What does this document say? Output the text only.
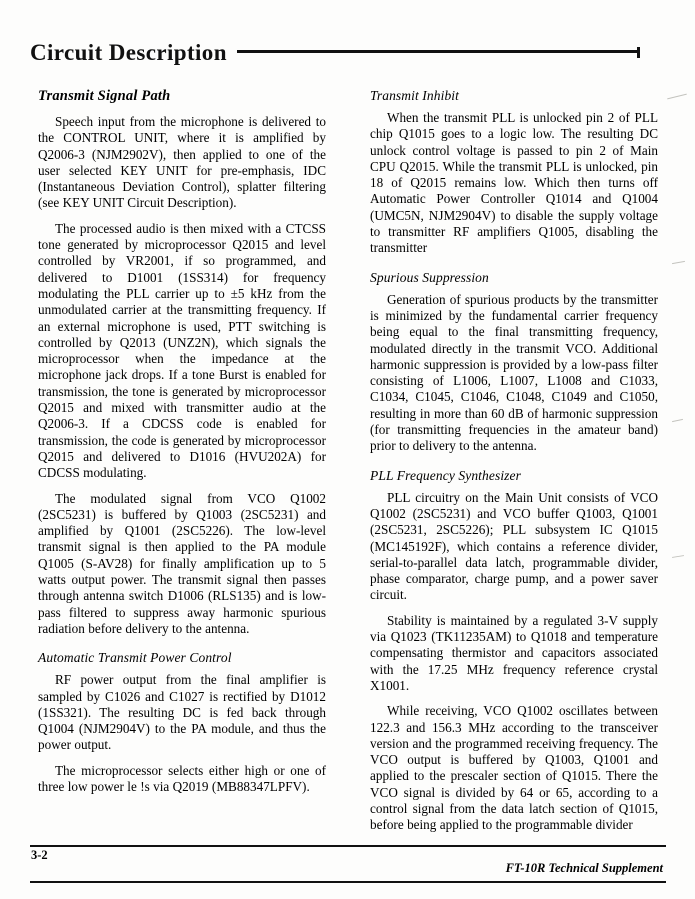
Circuit Description
Transmit Signal Path

Speech input from the microphone is delivered to the CONTROL UNIT, where it is amplified by Q2006-3 (NJM2902V), then applied to one of the user selected KEY UNIT for pre-emphasis, IDC (Instantaneous Deviation Control), splatter filtering (see KEY UNIT Circuit Description).

The processed audio is then mixed with a CTCSS tone generated by microprocessor Q2015 and level controlled by VR2001, if so programmed, and delivered to D1001 (1SS314) for frequency modulating the PLL carrier up to ±5 kHz from the unmodulated carrier at the transmitting frequency. If an external microphone is used, PTT switching is controlled by Q2013 (UNZ2N), which signals the microprocessor when the impedance at the microphone jack drops. If a tone Burst is enabled for transmission, the tone is generated by microprocessor Q2015 and mixed with transmitter audio at the Q2006-3. If a CDCSS code is enabled for transmission, the code is generated by microprocessor Q2015 and delivered to D1016 (HVU202A) for CDCSS modulating.

The modulated signal from VCO Q1002 (2SC5231) is buffered by Q1003 (2SC5231) and amplified by Q1001 (2SC5226). The low-level transmit signal is then applied to the PA module Q1005 (S-AV28) for finally amplification up to 5 watts output power. The transmit signal then passes through antenna switch D1006 (RLS135) and is low-pass filtered to suppress away harmonic spurious radiation before delivery to the antenna.

Automatic Transmit Power Control

RF power output from the final amplifier is sampled by C1026 and C1027 is rectified by D1012 (1SS321). The resulting DC is fed back through Q1004 (NJM2904V) to the PA module, and thus the power output.

The microprocessor selects either high or one of three low power le !s via Q2019 (MB88347LPFV).

Transmit Inhibit

When the transmit PLL is unlocked pin 2 of PLL chip Q1015 goes to a logic low. The resulting DC unlock control voltage is passed to pin 2 of Main CPU Q2015. While the transmit PLL is unlocked, pin 18 of Q2015 remains low. Which then turns off Automatic Power Controller Q1014 and Q1004 (UMC5N, NJM2904V) to disable the supply voltage to transmitter RF amplifiers Q1005, disabling the transmitter

Spurious Suppression

Generation of spurious products by the transmitter is minimized by the fundamental carrier frequency being equal to the final transmitting frequency, modulated directly in the transmit VCO. Additional harmonic suppression is provided by a low-pass filter consisting of L1006, L1007, L1008 and C1033, C1034, C1045, C1046, C1048, C1049 and C1050, resulting in more than 60 dB of harmonic suppression (for transmitting frequencies in the amateur band) prior to delivery to the antenna.

PLL Frequency Synthesizer

PLL circuitry on the Main Unit consists of VCO Q1002 (2SC5231) and VCO buffer Q1003, Q1001 (2SC5231, 2SC5226); PLL subsystem IC Q1015 (MC145192F), which contains a reference divider, serial-to-parallel data latch, programmable divider, phase comparator, charge pump, and a power saver circuit.

Stability is maintained by a regulated 3-V supply via Q1023 (TK11235AM) to Q1018 and temperature compensating thermistor and capacitors associated with the 17.25 MHz frequency reference crystal X1001.

While receiving, VCO Q1002 oscillates between 122.3 and 156.3 MHz according to the transceiver version and the programmed receiving frequency. The VCO output is buffered by Q1003, Q1001 and applied to the prescaler section of Q1015. There the VCO signal is divided by 64 or 65, according to a control signal from the data latch section of Q1015, before being applied to the programmable divider

3-2
FT-10R Technical Supplement
